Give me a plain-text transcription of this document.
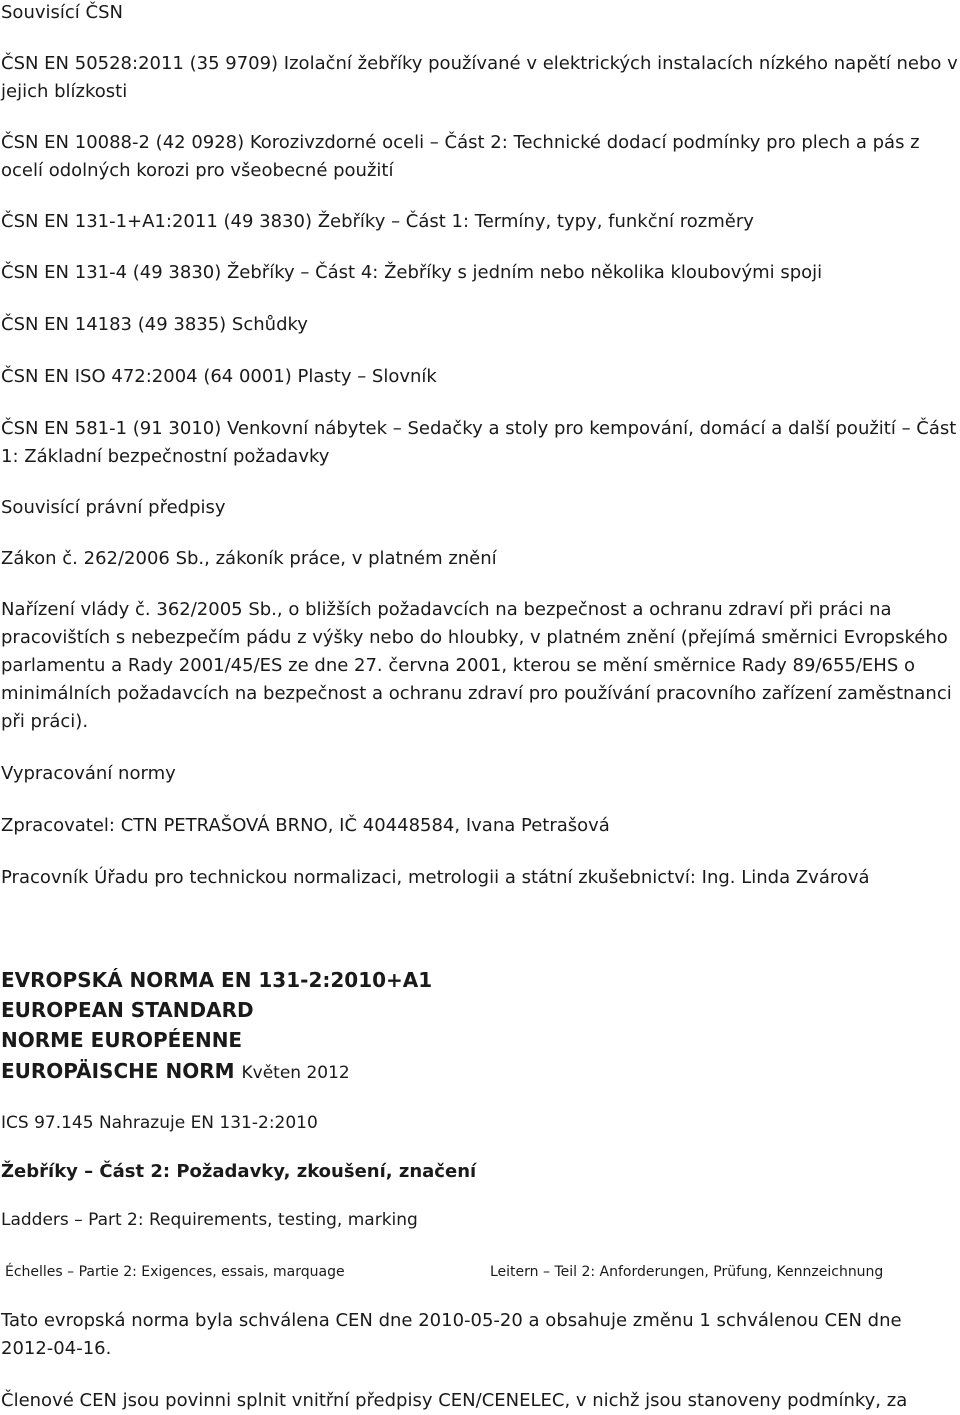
Souvisící ČSN

ČSN EN 50528:2011 (35 9709) Izolační žebříky používané v elektrických instalacích nízkého napětí nebo v jejich blízkosti

ČSN EN 10088-2 (42 0928) Korozivzdorné oceli – Část 2: Technické dodací podmínky pro plech a pás z ocelí odolných korozi pro všeobecné použití

ČSN EN 131-1+A1:2011 (49 3830) Žebříky – Část 1: Termíny, typy, funkční rozměry

ČSN EN 131-4 (49 3830) Žebříky – Část 4: Žebříky s jedním nebo několika kloubovými spoji

ČSN EN 14183 (49 3835) Schůdky

ČSN EN ISO 472:2004 (64 0001) Plasty – Slovník

ČSN EN 581-1 (91 3010) Venkovní nábytek – Sedačky a stoly pro kempování, domácí a další použití – Část 1: Základní bezpečnostní požadavky

Souvisící právní předpisy

Zákon č. 262/2006 Sb., zákoník práce, v platném znění

Nařízení vlády č. 362/2005 Sb., o bližších požadavcích na bezpečnost a ochranu zdraví při práci na pracovištích s nebezpečím pádu z výšky nebo do hloubky, v platném znění (přejímá směrnici Evropského parlamentu a Rady 2001/45/ES ze dne 27. června 2001, kterou se mění směrnice Rady 89/655/EHS o minimálních požadavcích na bezpečnost a ochranu zdraví pro používání pracovního zařízení zaměstnanci při práci).

Vypracování normy

Zpracovatel: CTN PETRAŠOVÁ BRNO, IČ 40448584, Ivana Petrašová

Pracovník Úřadu pro technickou normalizaci, metrologii a státní zkušebnictví: Ing. Linda Zvárová

EVROPSKÁ NORMA EN 131-2:2010+A1

EUROPEAN STANDARD

NORME EUROPÉENNE

EUROPÄISCHE NORM Květen 2012

ICS 97.145 Nahrazuje EN 131-2:2010

Žebříky – Část 2: Požadavky, zkoušení, značení

Ladders – Part 2: Requirements, testing, marking

Échelles – Partie 2: Exigences, essais, marquage	Leitern – Teil 2: Anforderungen, Prüfung, Kennzeichnung

Tato evropská norma byla schválena CEN dne 2010-05-20 a obsahuje změnu 1 schválenou CEN dne 2012-04-16.

Členové CEN jsou povinni splnit vnitřní předpisy CEN/CENELEC, v nichž jsou stanoveny podmínky, za
